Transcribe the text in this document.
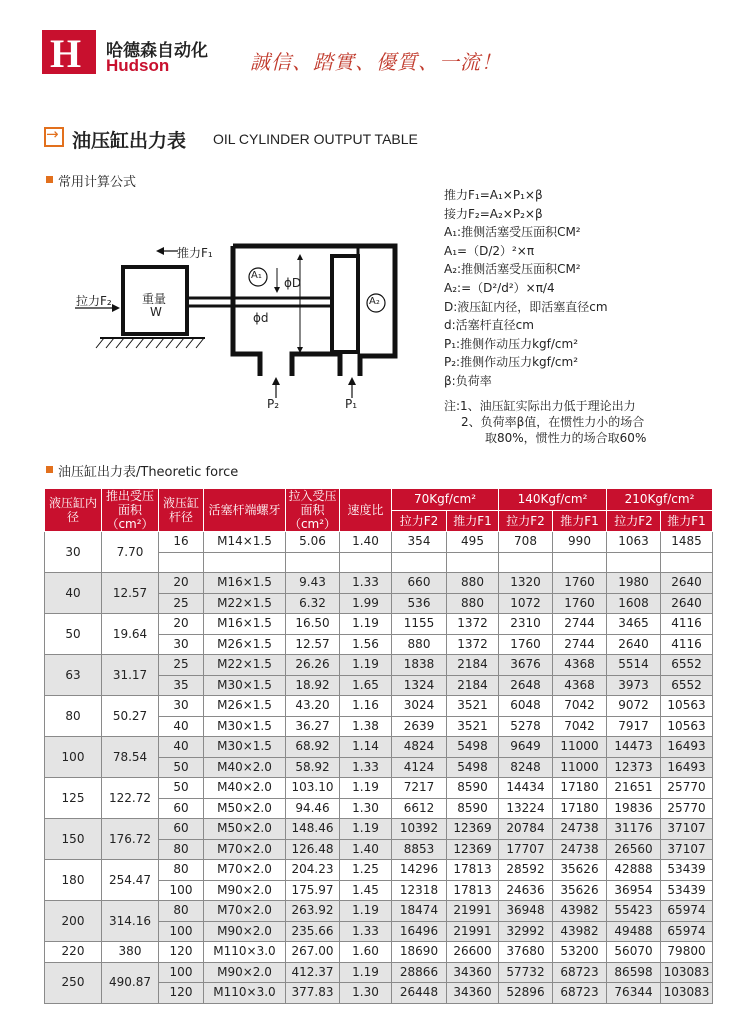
H 哈德森自动化
Hudson	誠信、踏實、優質、一流！
→
油压缸出力表 OIL CYLINDER OUTPUT TABLE
常用计算公式
推力F₁
拉力F₂	重量
W
A₁
A₂
ϕD
ϕd
P₂	P₁
推力F₁=A₁×P₁×β
接力F₂=A₂×P₂×β
A₁:推侧活塞受压面积CM²
A₁=（D/2）²×π
A₂:推侧活塞受压面积CM²
A₂:=（D²/d²）×π/4
D:液压缸内径，即活塞直径cm
d:活塞杆直径cm
P₁:推侧作动压力kgf/cm²
P₂:推侧作动压力kgf/cm²
β:负荷率
注:1、油压缸实际出力低于理论出力
2、负荷率β值，在惯性力小的场合
取80%，惯性力的场合取60%
油压缸出力表/Theoretic force
液压缸内径	推出受压面积（cm²）	液压缸杆径	活塞杆端螺牙	拉入受压面积（cm²）	速度比	70Kgf/cm²		140Kgf/cm²		210Kgf/cm²	
						拉力F2	推力F1	拉力F2	推力F1	拉力F2	推力F1
30	7.70	16	M14×1.5	5.06	1.40	354	495	708	990	1063	1485

40	12.57	20	M16×1.5	9.43	1.33	660	880	1320	1760	1980	2640
		25	M22×1.5	6.32	1.99	536	880	1072	1760	1608	2640
50	19.64	20	M16×1.5	16.50	1.19	1155	1372	2310	2744	3465	4116
		30	M26×1.5	12.57	1.56	880	1372	1760	2744	2640	4116
63	31.17	25	M22×1.5	26.26	1.19	1838	2184	3676	4368	5514	6552
		35	M30×1.5	18.92	1.65	1324	2184	2648	4368	3973	6552
80	50.27	30	M26×1.5	43.20	1.16	3024	3521	6048	7042	9072	10563
		40	M30×1.5	36.27	1.38	2639	3521	5278	7042	7917	10563
100	78.54	40	M30×1.5	68.92	1.14	4824	5498	9649	11000	14473	16493
		50	M40×2.0	58.92	1.33	4124	5498	8248	11000	12373	16493
125	122.72	50	M40×2.0	103.10	1.19	7217	8590	14434	17180	21651	25770
		60	M50×2.0	94.46	1.30	6612	8590	13224	17180	19836	25770
150	176.72	60	M50×2.0	148.46	1.19	10392	12369	20784	24738	31176	37107
		80	M70×2.0	126.48	1.40	8853	12369	17707	24738	26560	37107
180	254.47	80	M70×2.0	204.23	1.25	14296	17813	28592	35626	42888	53439
		100	M90×2.0	175.97	1.45	12318	17813	24636	35626	36954	53439
200	314.16	80	M70×2.0	263.92	1.19	18474	21991	36948	43982	55423	65974
		100	M90×2.0	235.66	1.33	16496	21991	32992	43982	49488	65974
220	380	120	M110×3.0	267.00	1.60	18690	26600	37680	53200	56070	79800
250	490.87	100	M90×2.0	412.37	1.19	28866	34360	57732	68723	86598	103083
		120	M110×3.0	377.83	1.30	26448	34360	52896	68723	76344	103083
